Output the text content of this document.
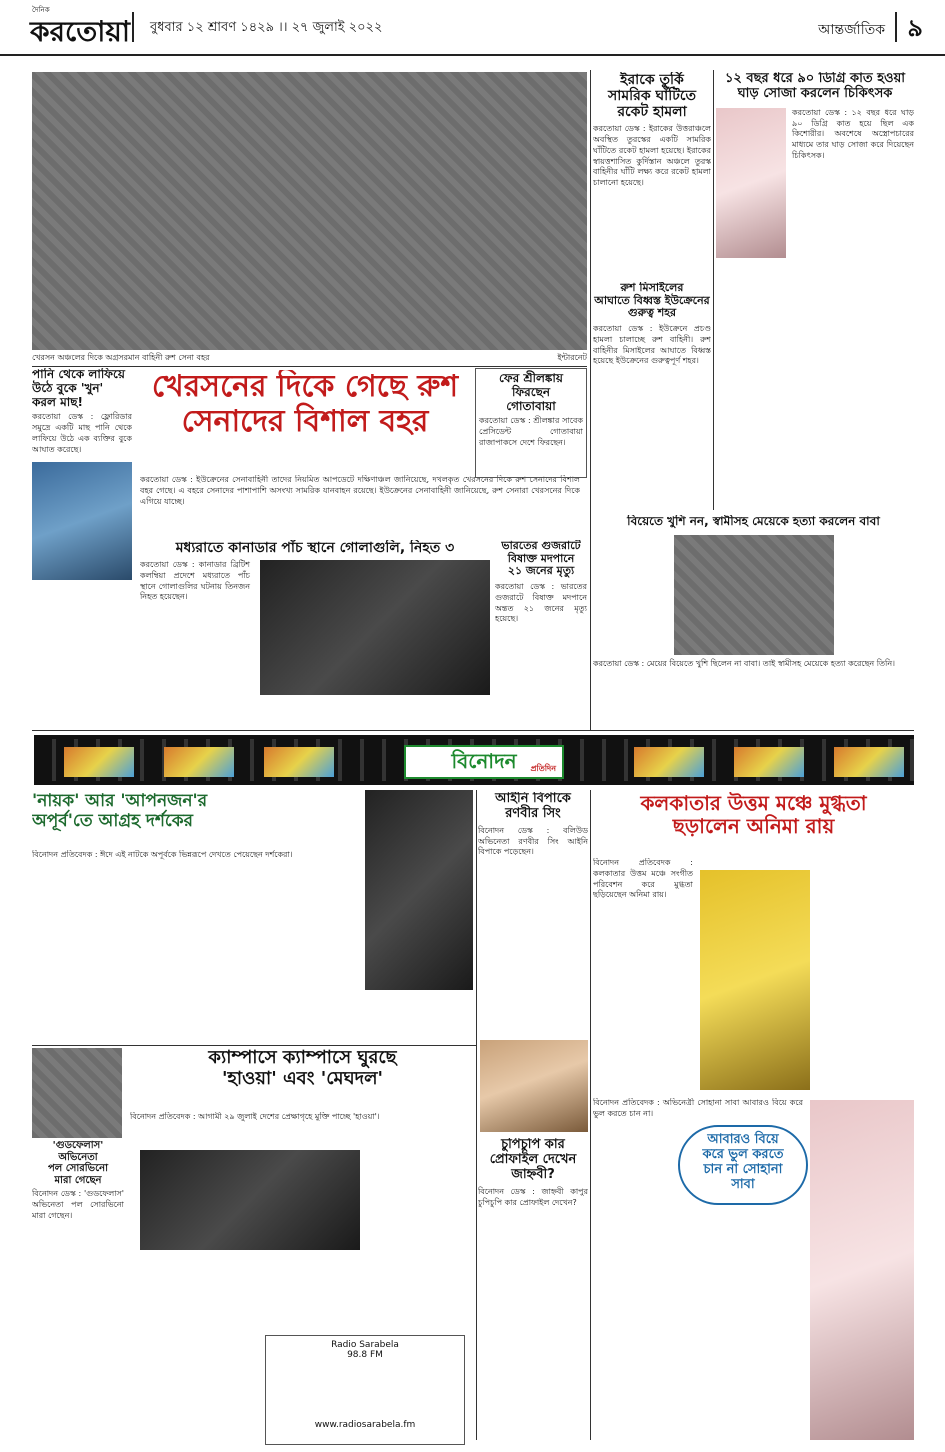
দৈনিক
করতোয়া বুধবার ১২ শ্রাবণ ১৪২৯ ।। ২৭ জুলাই ২০২২	আন্তর্জাতিক ৯
খেরসন অঞ্চলের দিকে অগ্রসরমান বাহিনী রুশ সেনা বহর	ইন্টারনেট
ইরাকে তুর্কি
সামরিক ঘাঁটিতে
রকেট হামলা
করতোয়া ডেস্ক : ইরাকের উত্তরাঞ্চলে অবস্থিত তুরস্কের একটি সামরিক ঘাঁটিতে রকেট হামলা হয়েছে। ইরাকের স্বায়ত্তশাসিত কুর্দিস্তান অঞ্চলে তুরস্ক বাহিনীর ঘাঁটি লক্ষ্য করে রকেট হামলা চালানো হয়েছে।
রুশ মিসাইলের
আঘাতে বিধ্বস্ত ইউক্রেনের
গুরুত্ব শহর
করতোয়া ডেস্ক : ইউক্রেনে প্রচণ্ড হামলা চালাচ্ছে রুশ বাহিনী। রুশ বাহিনীর মিসাইলের আঘাতে বিধ্বস্ত হয়েছে ইউক্রেনের গুরুত্বপূর্ণ শহর।
১২ বছর ধরে ৯০ ডিগ্রি কাত হওয়া
ঘাড় সোজা করলেন চিকিৎসক
করতোয়া ডেস্ক : ১২ বছর ধরে ঘাড় ৯০ ডিগ্রি কাত হয়ে ছিল এক কিশোরীর। অবশেষে অস্ত্রোপচারের মাধ্যমে তার ঘাড় সোজা করে দিয়েছেন চিকিৎসক।
পানি থেকে লাফিয়ে
উঠে বুকে 'খুন'
করল মাছ!
করতোয়া ডেস্ক : ফ্লোরিডার সমুদ্রে একটি মাছ পানি থেকে লাফিয়ে উঠে এক ব্যক্তির বুকে আঘাত করেছে।
খেরসনের দিকে গেছে রুশ
সেনাদের বিশাল বহর
করতোয়া ডেস্ক : ইউক্রেনের সেনাবাহিনী তাদের নিয়মিত আপডেটে দক্ষিণাঞ্চল জানিয়েছে, দখলকৃত খেরসনের দিকে রুশ সেনাদের বিশাল বহর গেছে। এ বহরে সেনাদের পাশাপাশি অসংখ্য সামরিক যানবাহন রয়েছে। ইউক্রেনের সেনাবাহিনী জানিয়েছে, রুশ সেনারা খেরসনের দিকে এগিয়ে যাচ্ছে।
ফের শ্রীলঙ্কায়
ফিরছেন
গোতাবায়া
করতোয়া ডেস্ক : শ্রীলঙ্কার সাবেক প্রেসিডেন্ট গোতাবায়া রাজাপাকসে দেশে ফিরছেন।
মধ্যরাতে কানাডার পাঁচ স্থানে গোলাগুলি, নিহত ৩
করতোয়া ডেস্ক : কানাডার ব্রিটিশ কলম্বিয়া প্রদেশে মধ্যরাতে পাঁচ স্থানে গোলাগুলির ঘটনায় তিনজন নিহত হয়েছেন।
ভারতের গুজরাটে
বিষাক্ত মদপানে
২১ জনের মৃত্যু
করতোয়া ডেস্ক : ভারতের গুজরাটে বিষাক্ত মদপানে অন্তত ২১ জনের মৃত্যু হয়েছে।
বিয়েতে খুশি নন, স্বামীসহ মেয়েকে হত্যা করলেন বাবা
করতোয়া ডেস্ক : মেয়ের বিয়েতে খুশি ছিলেন না বাবা। তাই স্বামীসহ মেয়েকে হত্যা করেছেন তিনি।
বিনোদন প্রতিদিন
'নায়ক' আর 'আপনজন'র
অপূর্ব'তে আগ্রহ দর্শকের
বিনোদন প্রতিবেদক : ঈদে এই নাটকে অপূর্বকে ভিন্নরূপে দেখতে পেয়েছেন দর্শকেরা।
আইনি বিপাকে
রণবীর সিং
বিনোদন ডেস্ক : বলিউড অভিনেতা রণবীর সিং আইনি বিপাকে পড়েছেন।
কলকাতার উত্তম মঞ্চে মুগ্ধতা
ছড়ালেন অনিমা রায়
বিনোদন প্রতিবেদক : কলকাতার উত্তম মঞ্চে সংগীত পরিবেশন করে মুগ্ধতা ছড়িয়েছেন অনিমা রায়।
ক্যাম্পাসে ক্যাম্পাসে ঘুরছে
'হাওয়া' এবং 'মেঘদল'
বিনোদন প্রতিবেদক : আগামী ২৯ জুলাই দেশের প্রেক্ষাগৃহে মুক্তি পাচ্ছে 'হাওয়া'।
'গুডফেলাস' অভিনেতা
পল সোরভিনো
মারা গেছেন
বিনোদন ডেস্ক : 'গুডফেলাস' অভিনেতা পল সোরভিনো মারা গেছেন।
Radio Sarabela
98.8 FM
www.radiosarabela.fm
চুপিচুপি কার
প্রোফাইল দেখেন
জাহ্নবী?
বিনোদন ডেস্ক : জাহ্নবী কাপুর চুপিচুপি কার প্রোফাইল দেখেন?
বিনোদন প্রতিবেদক : অভিনেত্রী সোহানা সাবা আবারও বিয়ে করে ভুল করতে চান না।
আবারও বিয়ে
করে ভুল করতে
চান না সোহানা
সাবা
